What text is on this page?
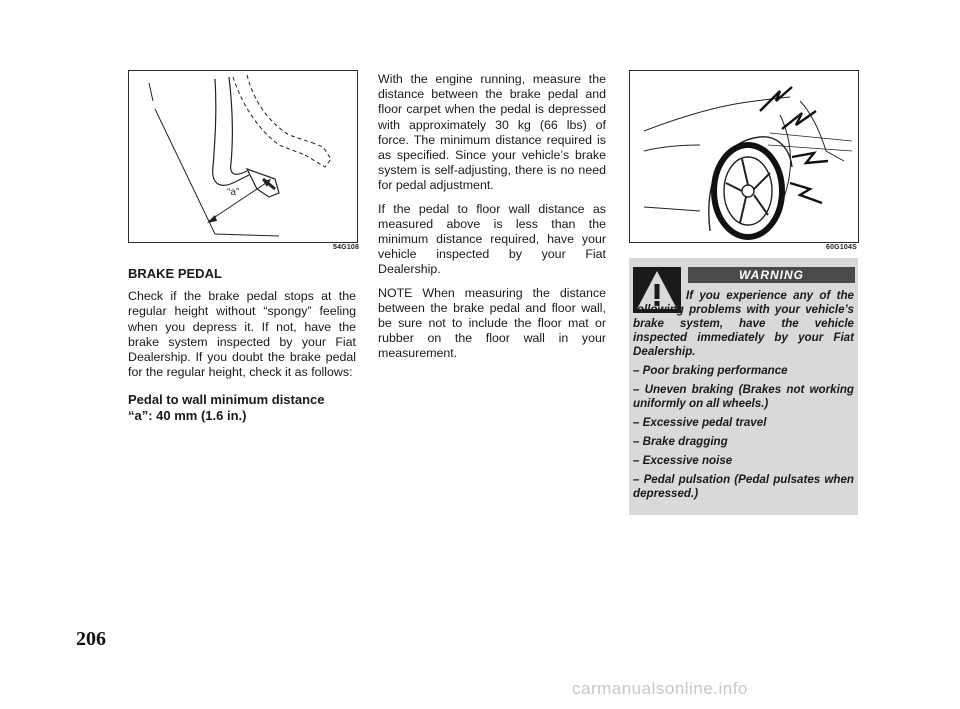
“a”
54G108
BRAKE PEDAL

Check if the brake pedal stops at the regular height without “spongy” feeling when you depress it. If not, have the brake system inspected by your Fiat Dealership. If you doubt the brake pedal for the regular height, check it as follows:

Pedal to wall minimum distance
“a”: 40 mm (1.6 in.)

With the engine running, measure the distance between the brake pedal and floor carpet when the pedal is depressed with approximately 30 kg (66 lbs) of force. The minimum distance required is as specified. Since your vehicle’s brake system is self-adjusting, there is no need for pedal adjustment.

If the pedal to floor wall distance as measured above is less than the minimum distance required, have your vehicle inspected by your Fiat Dealership.

NOTE When measuring the distance between the brake pedal and floor wall, be sure not to include the floor mat or rubber on the floor wall in your measurement.

60G104S
WARNING

If you experience any of the following problems with your vehicle’s brake system, have the vehicle inspected immediately by your Fiat Dealership.

– Poor braking performance

– Uneven braking (Brakes not working uniformly on all wheels.)

– Excessive pedal travel

– Brake dragging

– Excessive noise

– Pedal pulsation (Pedal pulsates when depressed.)

206
carmanualsonline.info
